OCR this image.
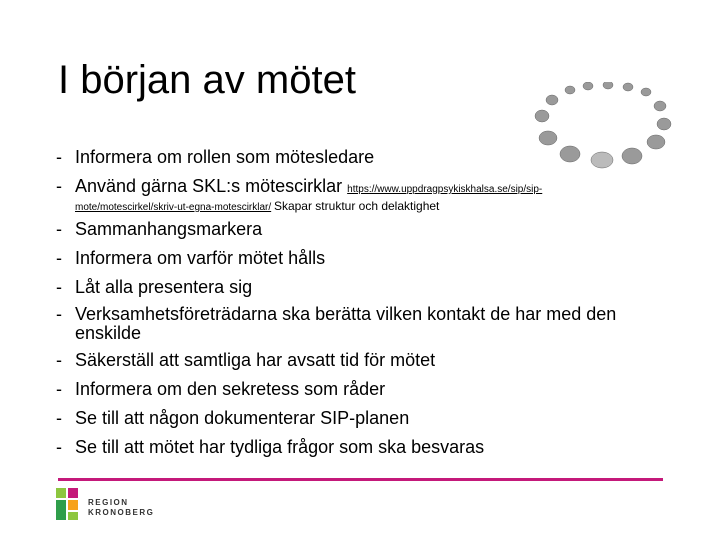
I början av mötet
- Informera om rollen som mötesledare
- Använd gärna SKL:s mötescirklar https://www.uppdragpsykiskhalsa.se/sip/sip-
mote/motescirkel/skriv-ut-egna-motescirklar/ Skapar struktur och delaktighet
- Sammanhangsmarkera
- Informera om varför mötet hålls
- Låt alla presentera sig
- Verksamhetsföreträdarna ska berätta vilken kontakt de har med den enskilde
- Säkerställ att samtliga har avsatt tid för mötet
- Informera om den sekretess som råder
- Se till att någon dokumenterar SIP-planen
- Se till att mötet har tydliga frågor som ska besvaras
REGION
KRONOBERG
